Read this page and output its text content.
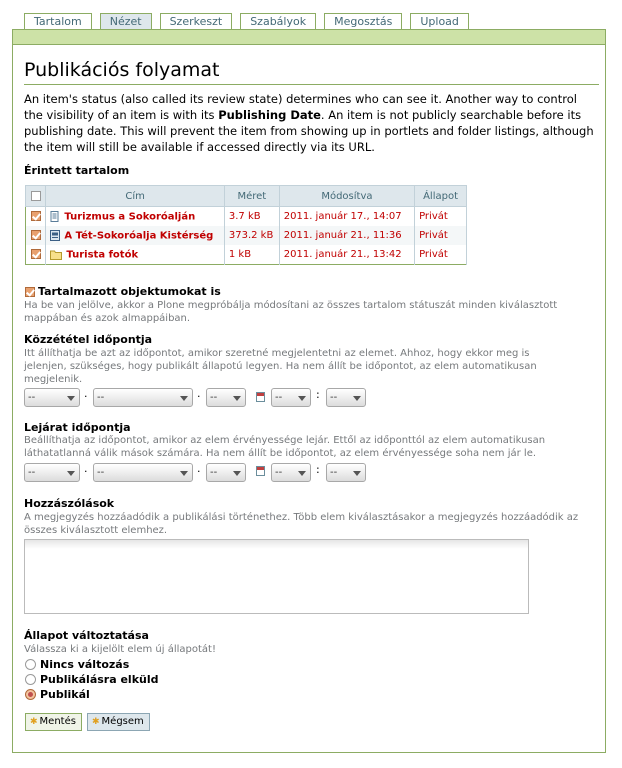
Tartalom	Nézet	Szerkeszt	Szabályok	Megosztás	Upload
Publikációs folyamat
An item's status (also called its review state) determines who can see it. Another way to control the visibility of an item is with its Publishing Date. An item is not publicly searchable before its publishing date. This will prevent the item from showing up in portlets and folder listings, although the item will still be available if accessed directly via its URL.
Érintett tartalom
	Cím	Méret	Módosítva	Állapot
	Turizmus a Sokoróalján	3.7 kB	2011. január 17., 14:07	Privát
	A Tét-Sokoróalja Kistérség	373.2 kB	2011. január 21., 11:36	Privát
	Turista fotók	1 kB	2011. január 21., 13:42	Privát
Tartalmazott objektumokat is
Ha be van jelölve, akkor a Plone megpróbálja módosítani az összes tartalom státuszát minden kiválasztott mappában és azok almappáiban.
Közzététel időpontja
Itt állíthatja be azt az időpontot, amikor szeretné megjelentetni az elemet. Ahhoz, hogy ekkor meg is jelenjen, szükséges, hogy publikált állapotú legyen. Ha nem állít be időpontot, az elem automatikusan megjelenik.
--	· --	· --	--	:	--
Lejárat időpontja
Beállíthatja az időpontot, amikor az elem érvényessége lejár. Ettől az időponttól az elem automatikusan láthatatlanná válik mások számára. Ha nem állít be időpontot, az elem érvényessége soha nem jár le.
--	· --	· --	--	:	--
Hozzászólások
A megjegyzés hozzáadódik a publikálási történethez. Több elem kiválasztásakor a megjegyzés hozzáadódik az összes kiválasztott elemhez.
Állapot változtatása
Válassza ki a kijelölt elem új állapotát!
Nincs változás
Publikálásra elküld
Publikál
✱ Mentés ✱ Mégsem
